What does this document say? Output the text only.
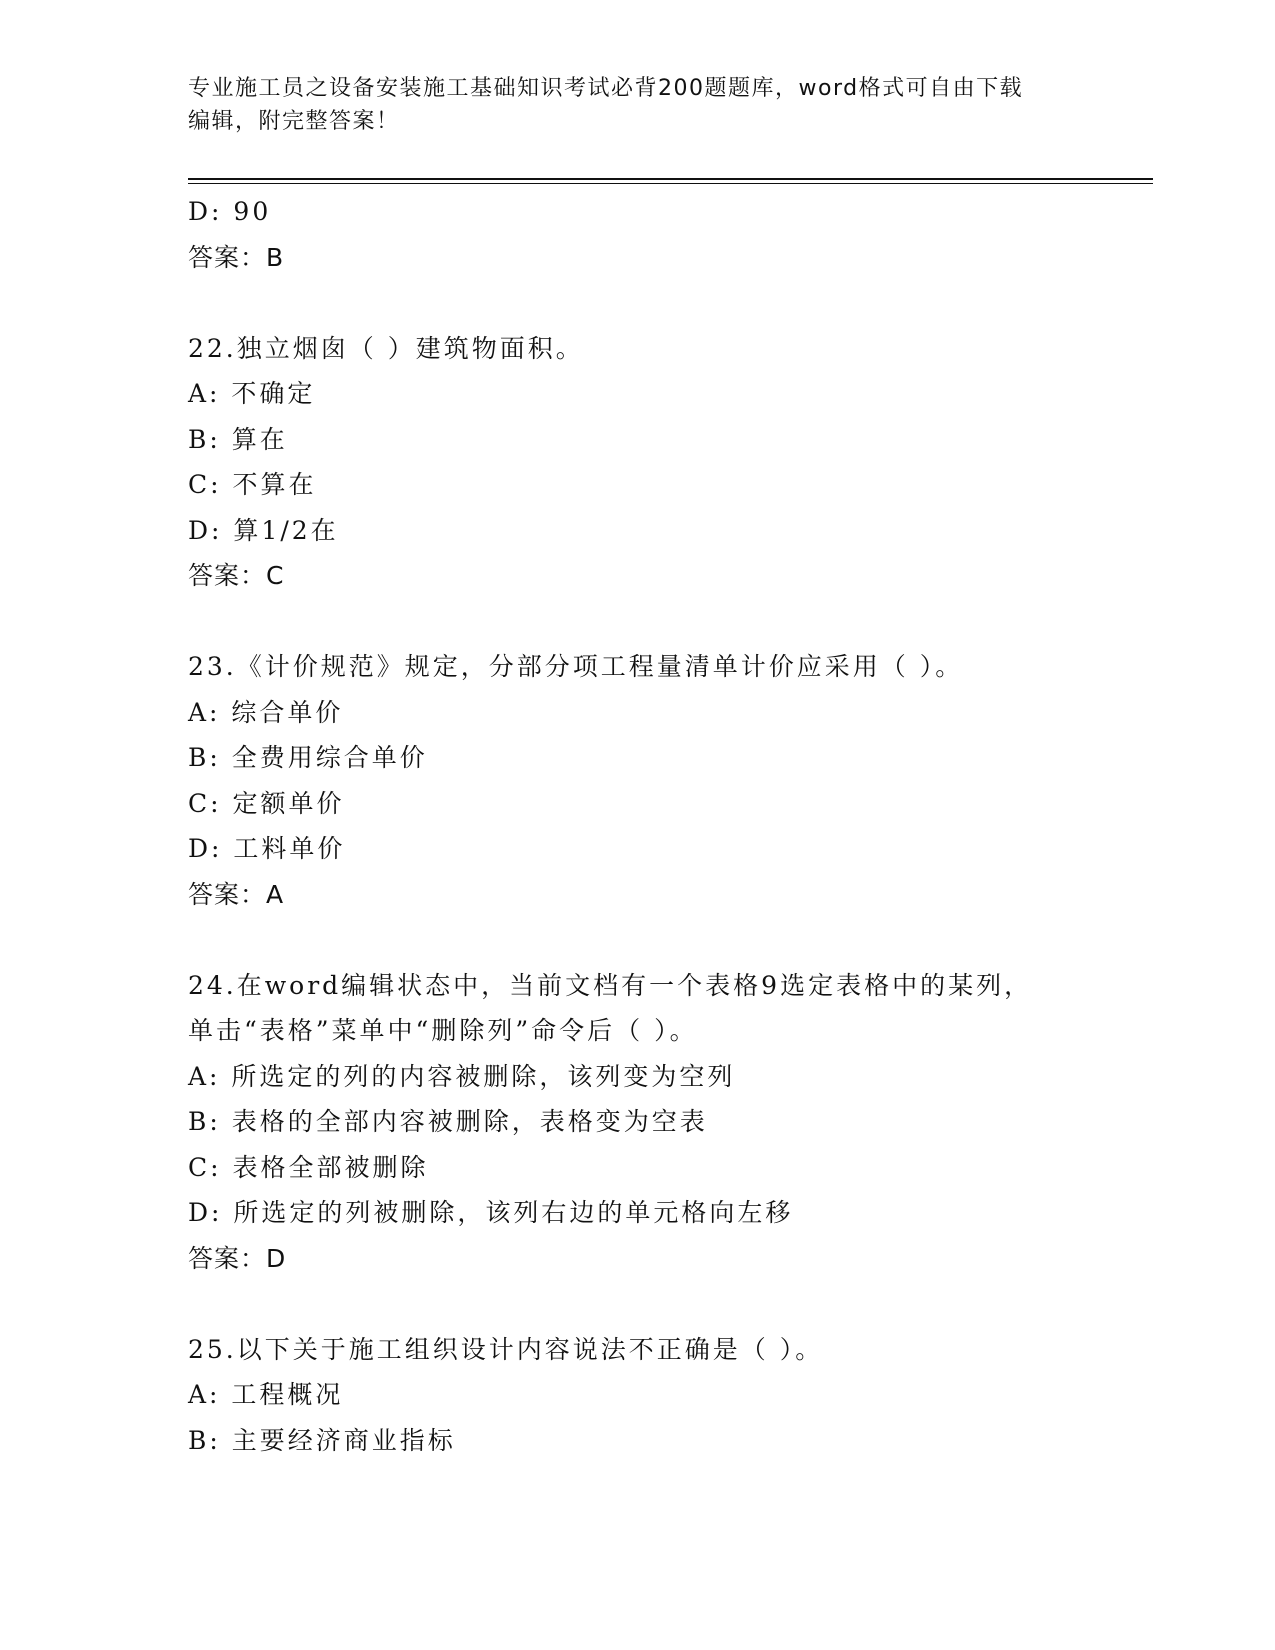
专业施工员之设备安装施工基础知识考试必背200题题库，word格式可自由下载
编辑，附完整答案！
D: 90
答案：B
22.独立烟囱（ ）建筑物面积。
A: 不确定
B: 算在
C: 不算在
D: 算1/2在
答案：C
23.《计价规范》规定，分部分项工程量清单计价应采用（ ）。
A: 综合单价
B: 全费用综合单价
C: 定额单价
D: 工料单价
答案：A
24.在word编辑状态中，当前文档有一个表格9选定表格中的某列，
单击“表格”菜单中“删除列”命令后（ ）。
A: 所选定的列的内容被删除，该列变为空列
B: 表格的全部内容被删除，表格变为空表
C: 表格全部被删除
D: 所选定的列被删除，该列右边的单元格向左移
答案：D
25.以下关于施工组织设计内容说法不正确是（ ）。
A: 工程概况
B: 主要经济商业指标
